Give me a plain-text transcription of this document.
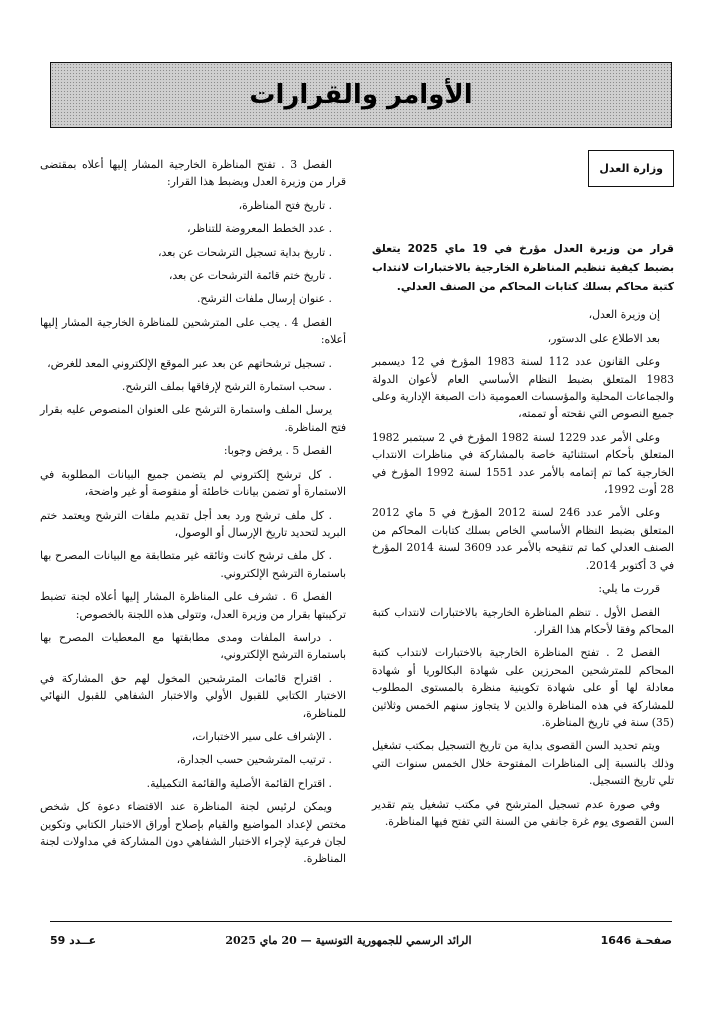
الأوامر والقرارات
وزارة العدل

قرار من وزيرة العدل مؤرخ في 19 ماي 2025 يتعلق بضبط كيفية تنظيم المناظرة الخارجية بالاختبارات لانتداب كتبة محاكم بسلك كتابات المحاكم من الصنف العدلي.

إن وزيرة العدل،

بعد الاطلاع على الدستور،

وعلى القانون عدد 112 لسنة 1983 المؤرخ في 12 ديسمبر 1983 المتعلق بضبط النظام الأساسي العام لأعوان الدولة والجماعات المحلية والمؤسسات العمومية ذات الصبغة الإدارية وعلى جميع النصوص التي نقحته أو تممته،

وعلى الأمر عدد 1229 لسنة 1982 المؤرخ في 2 سبتمبر 1982 المتعلق بأحكام استثنائية خاصة بالمشاركة في مناظرات الانتداب الخارجية كما تم إتمامه بالأمر عدد 1551 لسنة 1992 المؤرخ في 28 أوت 1992،

وعلى الأمر عدد 246 لسنة 2012 المؤرخ في 5 ماي 2012 المتعلق بضبط النظام الأساسي الخاص بسلك كتابات المحاكم من الصنف العدلي كما تم تنقيحه بالأمر عدد 3609 لسنة 2014 المؤرخ في 3 أكتوبر 2014.

قررت ما يلي:

الفصل الأول . تنظم المناظرة الخارجية بالاختبارات لانتداب كتبة المحاكم وفقا لأحكام هذا القرار.

الفصل 2 . تفتح المناظرة الخارجية بالاختبارات لانتداب كتبة المحاكم للمترشحين المحرزين على شهادة البكالوريا أو شهادة معادلة لها أو على شهادة تكوينية منظرة بالمستوى المطلوب للمشاركة في هذه المناظرة والذين لا يتجاوز سنهم الخمس وثلاثين (35) سنة في تاريخ المناظرة.

ويتم تحديد السن القصوى بداية من تاريخ التسجيل بمكتب تشغيل وذلك بالنسبة إلى المناظرات المفتوحة خلال الخمس سنوات التي تلي تاريخ التسجيل.

وفي صورة عدم تسجيل المترشح في مكتب تشغيل يتم تقدير السن القصوى يوم غرة جانفي من السنة التي تفتح فيها المناظرة.

الفصل 3 . تفتح المناظرة الخارجية المشار إليها أعلاه بمقتضى قرار من وزيرة العدل ويضبط هذا القرار:

. تاريخ فتح المناظرة،

. عدد الخطط المعروضة للتناظر،

. تاريخ بداية تسجيل الترشحات عن بعد،

. تاريخ ختم قائمة الترشحات عن بعد،

. عنوان إرسال ملفات الترشح.

الفصل 4 . يجب على المترشحين للمناظرة الخارجية المشار إليها أعلاه:

. تسجيل ترشحاتهم عن بعد عبر الموقع الإلكتروني المعد للغرض،

. سحب استمارة الترشح لإرفاقها بملف الترشح.

يرسل الملف واستمارة الترشح على العنوان المنصوص عليه بقرار فتح المناظرة.

الفصل 5 . يرفض وجوبا:

. كل ترشح إلكتروني لم يتضمن جميع البيانات المطلوبة في الاستمارة أو تضمن بيانات خاطئة أو منقوصة أو غير واضحة،

. كل ملف ترشح ورد بعد أجل تقديم ملفات الترشح ويعتمد ختم البريد لتحديد تاريخ الإرسال أو الوصول،

. كل ملف ترشح كانت وثائقه غير متطابقة مع البيانات المصرح بها باستمارة الترشح الإلكتروني.

الفصل 6 . تشرف على المناظرة المشار إليها أعلاه لجنة تضبط تركيبتها بقرار من وزيرة العدل، وتتولى هذه اللجنة بالخصوص:

. دراسة الملفات ومدى مطابقتها مع المعطيات المصرح بها باستمارة الترشح الإلكتروني،

. اقتراح قائمات المترشحين المخول لهم حق المشاركة في الاختبار الكتابي للقبول الأولي والاختبار الشفاهي للقبول النهائي للمناظرة،

. الإشراف على سير الاختبارات،

. ترتيب المترشحين حسب الجدارة،

. اقتراح القائمة الأصلية والقائمة التكميلية.

ويمكن لرئيس لجنة المناظرة عند الاقتضاء دعوة كل شخص مختص لإعداد المواضيع والقيام بإصلاح أوراق الاختبار الكتابي وتكوين لجان فرعية لإجراء الاختبار الشفاهي دون المشاركة في مداولات لجنة المناظرة.

صفحـة 1646
الرائد الرسمي للجمهورية التونسية — 20 ماي 2025
عــدد 59
